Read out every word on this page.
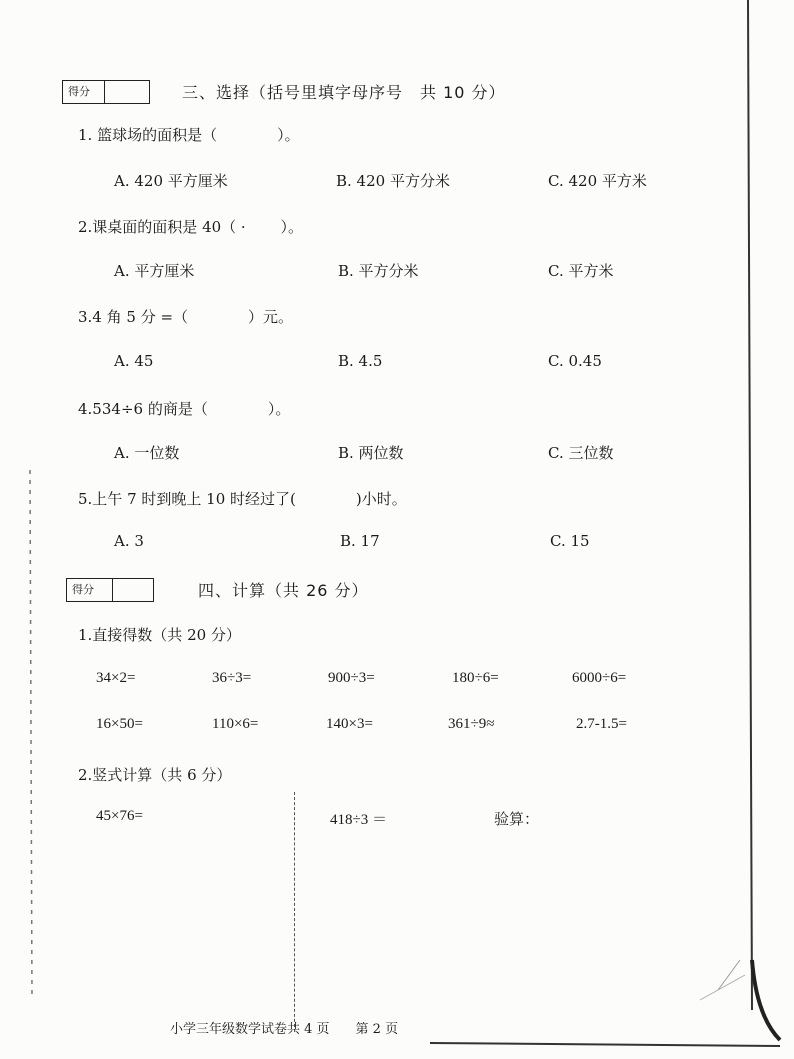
得分	三、选择（括号里填字母序号　共 10 分）
1. 篮球场的面积是（　　　　）。
A. 420 平方厘米	B. 420 平方分米	C. 420 平方米
2.课桌面的面积是 40（ ·　　 ）。
A. 平方厘米	B. 平方分米	C. 平方米
3.4 角 5 分 =（　　　　）元。
A. 45	B. 4.5	C. 0.45
4.534÷6 的商是（　　　　）。
A. 一位数	B. 两位数	C. 三位数
5.上午 7 时到晚上 10 时经过了(　　　　)小时。
A. 3	B. 17	C. 15
得分	四、计算（共 26 分）
1.直接得数（共 20 分）
34×2=	36÷3=	900÷3=	180÷6=	6000÷6=
16×50=	110×6=	140×3=	361÷9≈	2.7-1.5=
2.竖式计算（共 6 分）
45×76=	418÷3 ＝	验算：
小学三年级数学试卷共 4 页　　第 2 页
